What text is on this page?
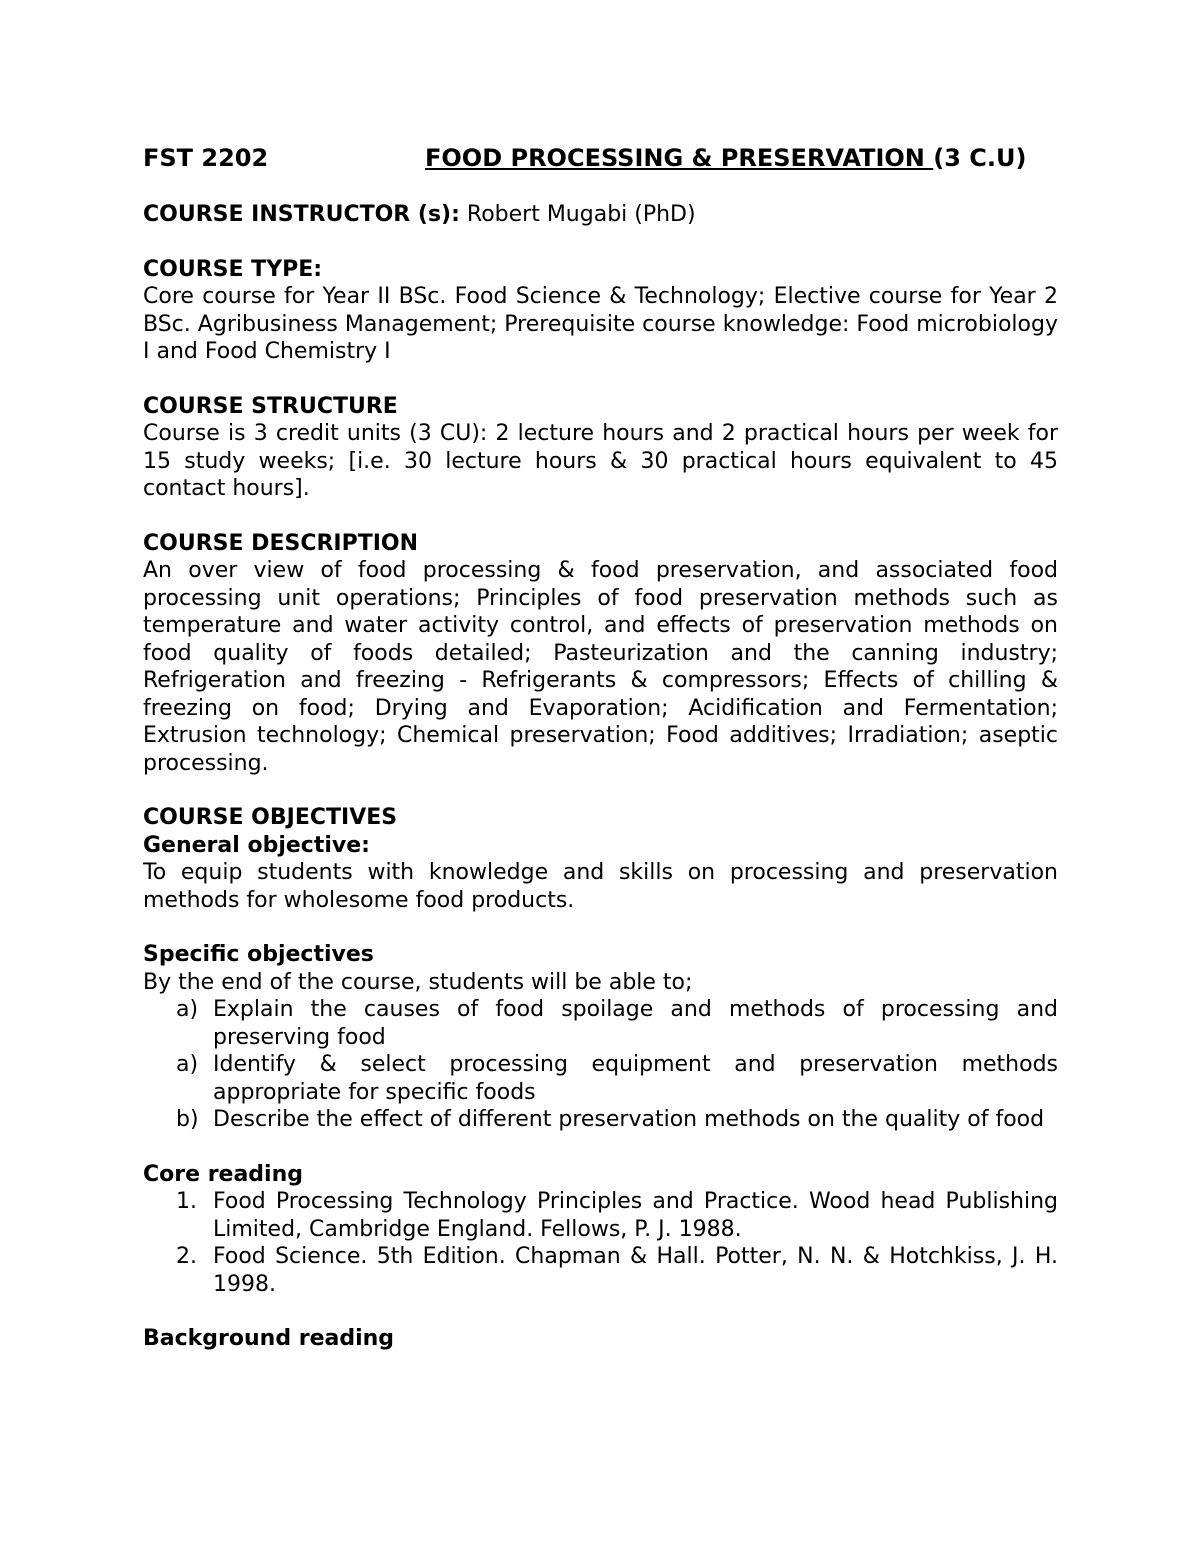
FST 2202	FOOD PROCESSING & PRESERVATION (3 C.U)
COURSE INSTRUCTOR (s): Robert Mugabi (PhD)
COURSE TYPE:
Core course for Year II BSc. Food Science & Technology; Elective course for Year 2 BSc. Agribusiness Management; Prerequisite course knowledge: Food microbiology I and Food Chemistry I
COURSE STRUCTURE
Course is 3 credit units (3 CU): 2 lecture hours and 2 practical hours per week for 15 study weeks; [i.e. 30 lecture hours & 30 practical hours equivalent to 45 contact hours].
COURSE DESCRIPTION
An over view of food processing & food preservation, and associated food processing unit operations; Principles of food preservation methods such as temperature and water activity control, and effects of preservation methods on food quality of foods detailed; Pasteurization and the canning industry; Refrigeration and freezing - Refrigerants & compressors; Effects of chilling & freezing on food; Drying and Evaporation; Acidification and Fermentation; Extrusion technology; Chemical preservation; Food additives; Irradiation; aseptic processing.
COURSE OBJECTIVES
General objective:
To equip students with knowledge and skills on processing and preservation methods for wholesome food products.
Specific objectives
By the end of the course, students will be able to;
a) Explain the causes of food spoilage and methods of processing and preserving food
a) Identify & select processing equipment and preservation methods appropriate for specific foods
b) Describe the effect of different preservation methods on the quality of food
Core reading
1. Food Processing Technology Principles and Practice. Wood head Publishing Limited, Cambridge England. Fellows, P. J. 1988.
2. Food Science. 5th Edition. Chapman & Hall. Potter, N. N. & Hotchkiss, J. H. 1998.
Background reading
